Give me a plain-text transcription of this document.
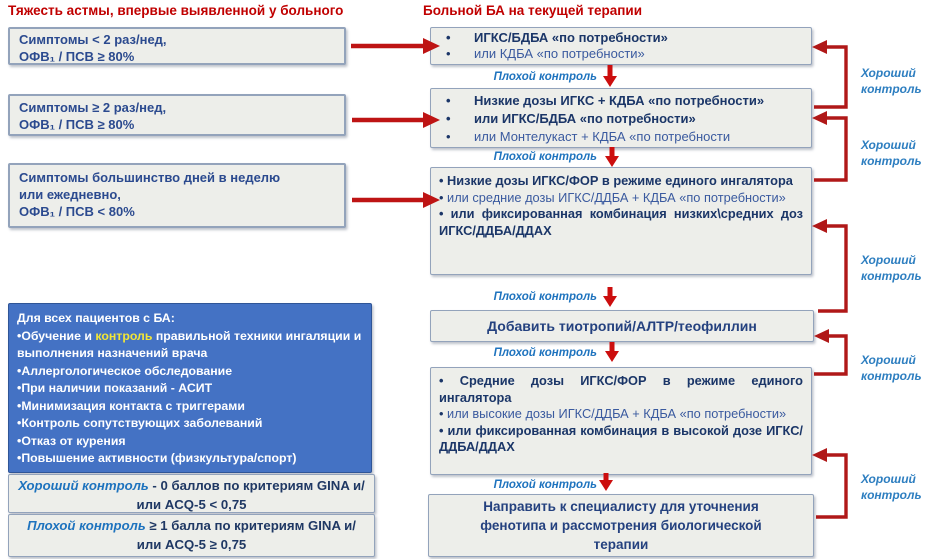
Тяжесть астмы, впервые выявленной у больного	Больной БА на текущей терапии
Симптомы < 2 раз/нед,
ОФВ₁ / ПСВ ≥ 80%
Симптомы ≥ 2 раз/нед,
ОФВ₁ / ПСВ ≥ 80%
Симптомы большинство дней в неделю
или ежедневно,
ОФВ₁ / ПСВ < 80%
Для всех пациентов с БА:
• Обучение и контроль правильной техники ингаляции и выполнения назначений врача
• Аллергологическое обследование
• При наличии показаний - АСИТ
• Минимизация контакта с триггерами
• Контроль сопутствующих заболеваний
• Отказ от курения
• Повышение активности (физкультура/спорт)
Хороший контроль - 0 баллов по критериям GINA и/или ACQ-5 < 0,75
Плохой контроль ≥ 1 балла по критериям GINA и/или ACQ-5 ≥ 0,75
• ИГКС/БДБА «по потребности»
• или КДБА «по потребности»
• Низкие дозы ИГКС + КДБА «по потребности»
• или ИГКС/БДБА «по потребности»
• или Монтелукаст + КДБА «по потребности
• Низкие дозы ИГКС/ФОР в режиме единого ингалятора
• или средние дозы ИГКС/ДДБА + КДБА «по потребности»
• или фиксированная комбинация низких\средних доз ИГКС/ДДБА/ДДАХ
Добавить тиотропий/АЛТР/теофиллин
• Средние дозы ИГКС/ФОР в режиме единого ингалятора
• или высокие дозы ИГКС/ДДБА + КДБА «по потребности»
• или фиксированная комбинация в высокой дозе ИГКС/ДДБА/ДДАХ
Направить к специалисту для уточнения фенотипа и рассмотрения биологической терапии
Плохой контроль
Плохой контроль
Плохой контроль
Плохой контроль
Плохой контроль
Хороший контроль
Хороший контроль
Хороший контроль
Хороший контроль
Хороший контроль
